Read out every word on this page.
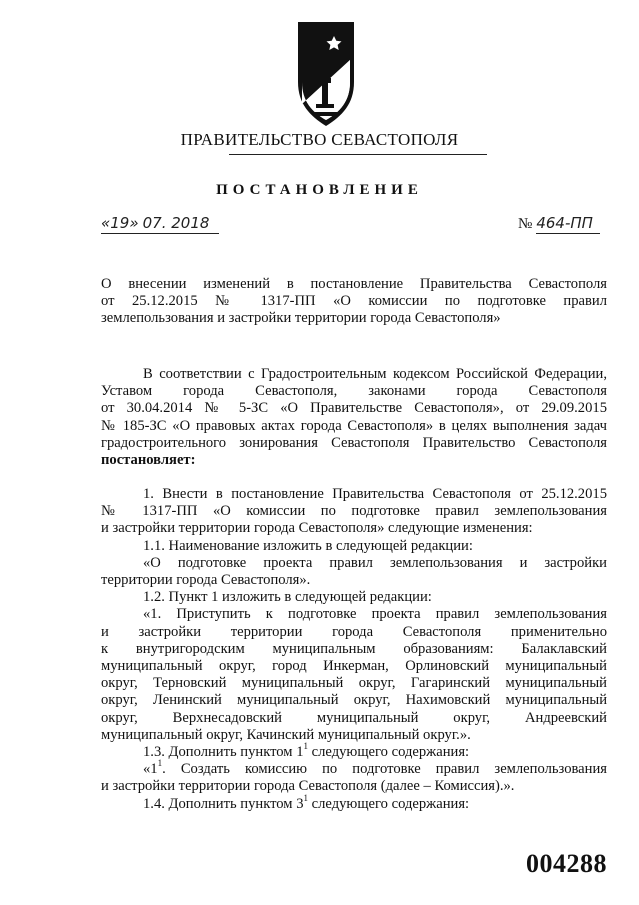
ПРАВИТЕЛЬСТВО СЕВАСТОПОЛЯ
ПОСТАНОВЛЕНИЕ
«19» 07. 2018	№ 464-ПП

О внесении изменений в постановление Правительства Севастополя

от 25.12.2015 № 1317-ПП «О комиссии по подготовке правил

землепользования и застройки территории города Севастополя»

В соответствии с Градостроительным кодексом Российской Федерации,

Уставом города Севастополя, законами города Севастополя

от 30.04.2014 № 5-ЗС «О Правительстве Севастополя», от 29.09.2015

№ 185-ЗС «О правовых актах города Севастополя» в целях выполнения задач

градостроительного зонирования Севастополя Правительство Севастополя

постановляет:

1. Внести в постановление Правительства Севастополя от 25.12.2015

№ 1317-ПП «О комиссии по подготовке правил землепользования

и застройки территории города Севастополя» следующие изменения:

1.1. Наименование изложить в следующей редакции:

«О подготовке проекта правил землепользования и застройки

территории города Севастополя».

1.2. Пункт 1 изложить в следующей редакции:

«1. Приступить к подготовке проекта правил землепользования

и застройки территории города Севастополя применительно

к внутригородским муниципальным образованиям: Балаклавский

муниципальный округ, город Инкерман, Орлиновский муниципальный

округ, Терновский муниципальный округ, Гагаринский муниципальный

округ, Ленинский муниципальный округ, Нахимовский муниципальный

округ, Верхнесадовский муниципальный округ, Андреевский

муниципальный округ, Качинский муниципальный округ.».

1.3. Дополнить пунктом $1^1$ следующего содержания:

«$1^1$. Создать комиссию по подготовке правил землепользования

и застройки территории города Севастополя (далее – Комиссия).».

1.4. Дополнить пунктом $3^1$ следующего содержания:

004288
